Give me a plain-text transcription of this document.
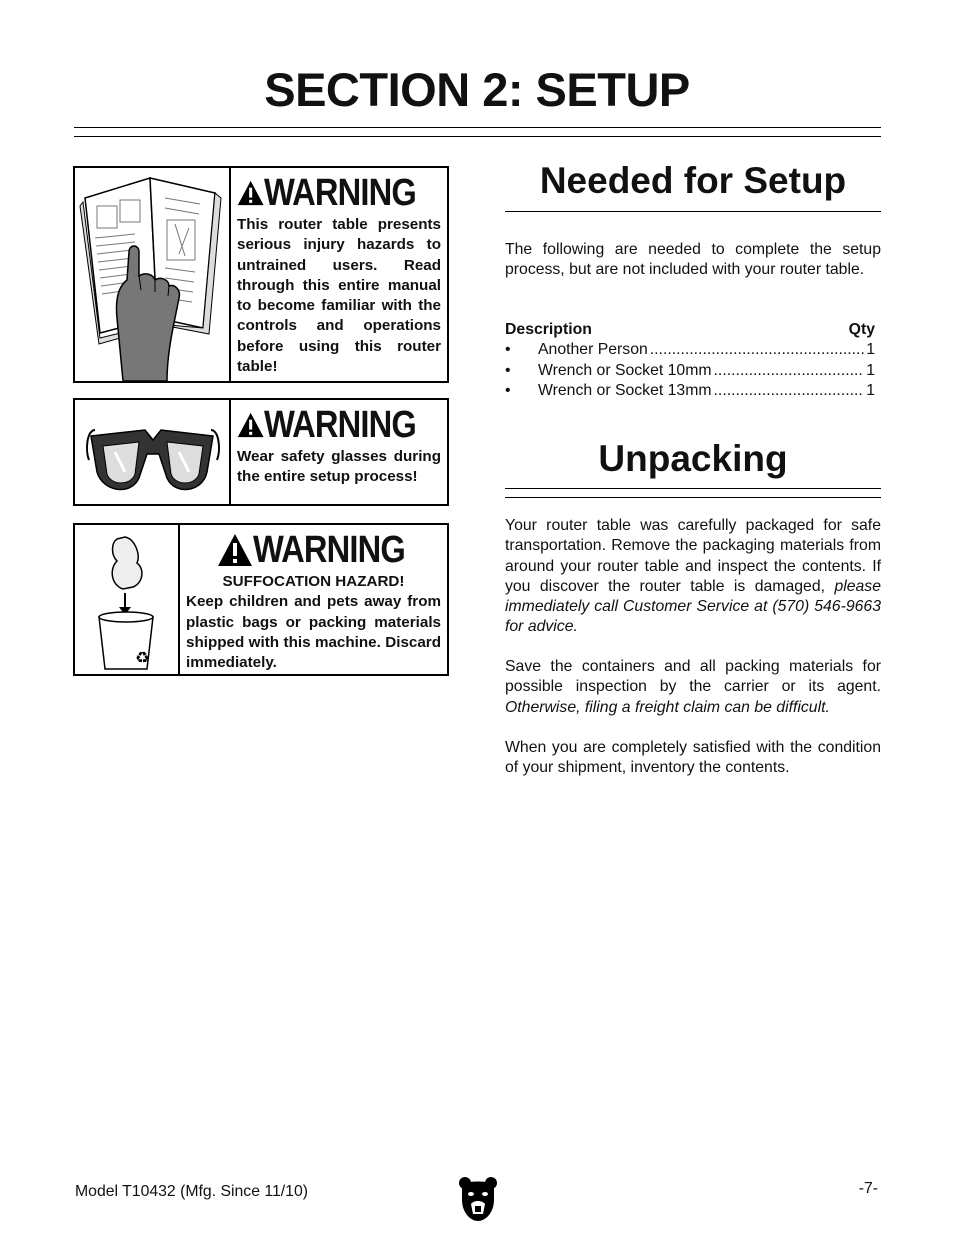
SECTION 2: SETUP
WARNING
This router table presents serious injury hazards to untrained users. Read through this entire manual to become familiar with the controls and operations before using this router table!
WARNING
Wear safety glasses during the entire setup process!
♻
WARNING
SUFFOCATION HAZARD!
Keep children and pets away from plastic bags or packing materials shipped with this machine. Discard immediately.
Needed for Setup
The following are needed to complete the setup process, but are not included with your router table.
Description	Qty
•	Another Person .....	1
•	Wrench or Socket 10mm .....	1
•	Wrench or Socket 13mm .....	1
Unpacking
Your router table was carefully packaged for safe transportation. Remove the packaging materials from around your router table and inspect the contents. If you discover the router table is damaged, please immediately call Customer Service at (570) 546-9663 for advice.
Save the containers and all packing materials for possible inspection by the carrier or its agent. Otherwise, filing a freight claim can be difficult.
When you are completely satisfied with the condition of your shipment, inventory the contents.
Model T10432 (Mfg. Since 11/10)	-7-
